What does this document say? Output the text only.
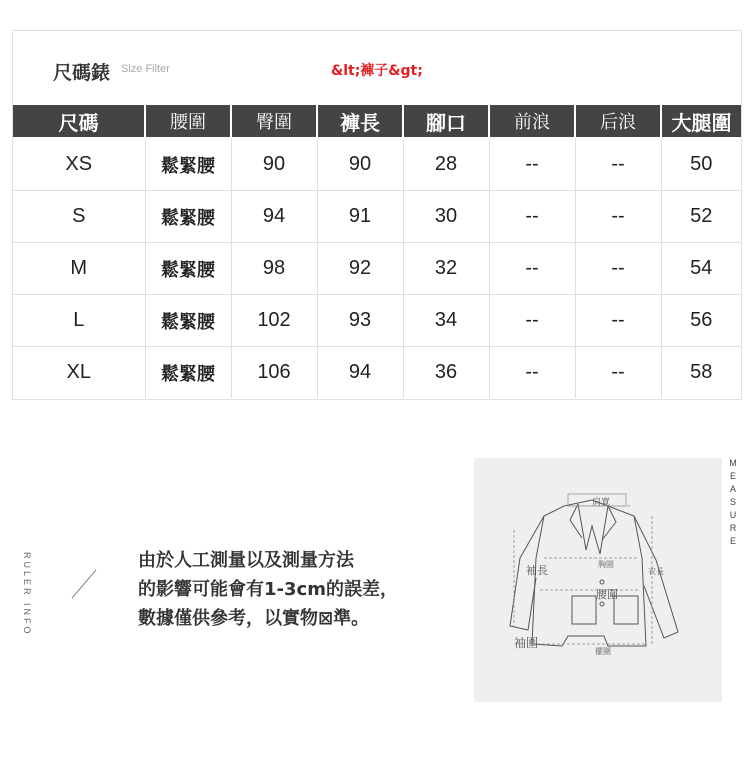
尺碼錶 Size Filter	&lt;褲子&gt;
尺碼	腰圍	臀圍	褲長	腳口	前浪	后浪	大腿圍
XS	鬆緊腰	90	90	28	--	--	50
S	鬆緊腰	94	91	30	--	--	52
M	鬆緊腰	98	92	32	--	--	54
L	鬆緊腰	102	93	34	--	--	56
XL	鬆緊腰	106	94	36	--	--	58
RULER INFO	由於人工測量以及測量方法
的影響可能會有1-3cm的誤差，
數據僅供參考，以實物⊠準。
肩寬
袖長	胸圍
腰圍
衣長
袖圍
擺圍
M
E
A
S
U
R
E
